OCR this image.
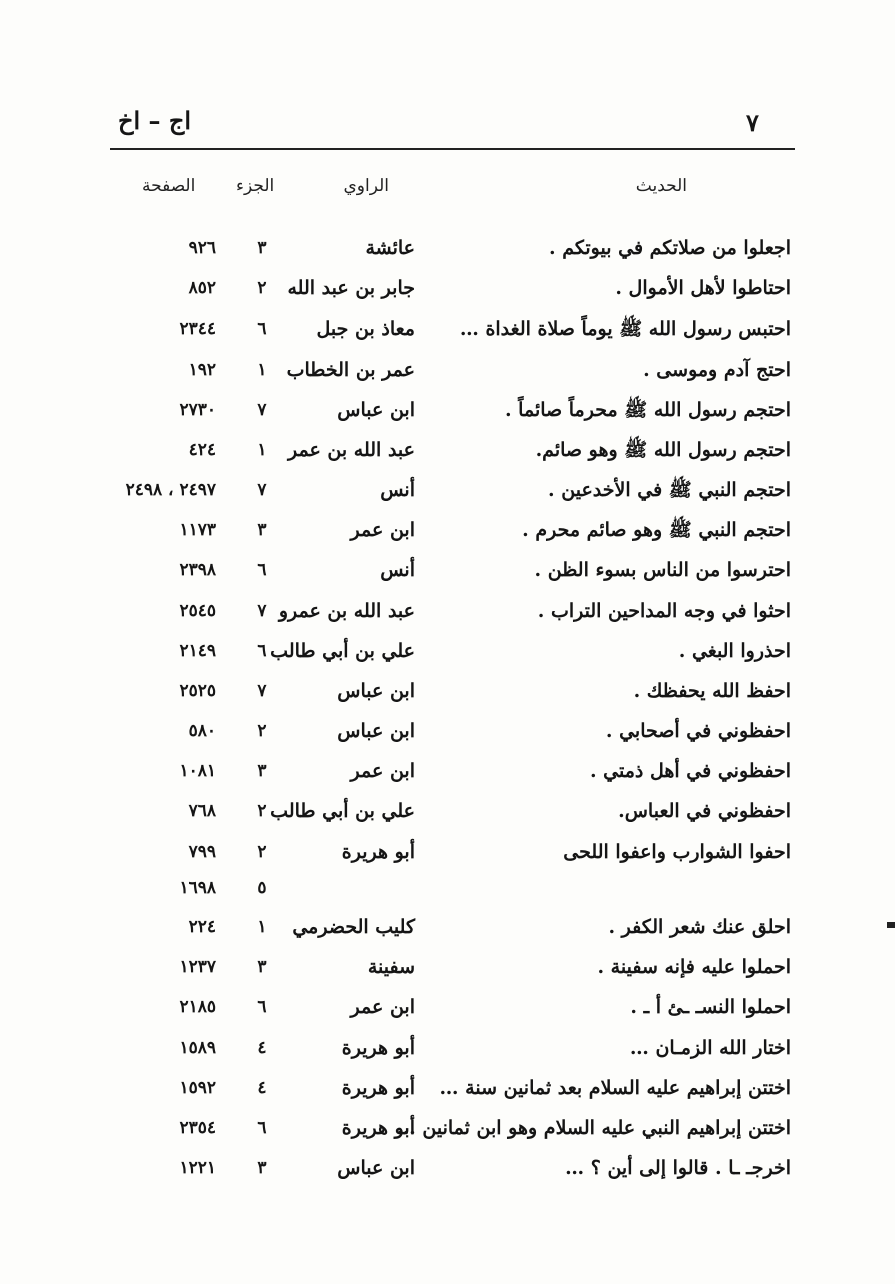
٧
اج – اخ
الحديث
الراوي
الجزء
الصفحة
اجعلوا من صلاتكم في بيوتكم .
عائشة
٣
٩٢٦
احتاطوا لأهل الأموال .
جابر بن عبد الله
٢
٨٥٢
احتبس رسول الله ﷺ يوماً صلاة الغداة …
معاذ بن جبل
٦
٢٣٤٤
احتج آدم وموسى .
عمر بن الخطاب
١
١٩٢
احتجم رسول الله ﷺ محرماً صائماً .
ابن عباس
٧
٢٧٣٠
احتجم رسول الله ﷺ وهو صائم.
عبد الله بن عمر
١
٤٢٤
احتجم النبي ﷺ في الأخدعين .
أنس
٧
٢٤٩٧ ، ٢٤٩٨
احتجم النبي ﷺ وهو صائم محرم .
ابن عمر
٣
١١٧٣
احترسوا من الناس بسوء الظن .
أنس
٦
٢٣٩٨
احثوا في وجه المداحين التراب .
عبد الله بن عمرو
٧
٢٥٤٥
احذروا البغي .
علي بن أبي طالب
٦
٢١٤٩
احفظ الله يحفظك .
ابن عباس
٧
٢٥٢٥
احفظوني في أصحابي .
ابن عباس
٢
٥٨٠
احفظوني في أهل ذمتي .
ابن عمر
٣
١٠٨١
احفظوني في العباس.
علي بن أبي طالب
٢
٧٦٨
احفوا الشوارب واعفوا اللحى
أبو هريرة
٢
٧٩٩
٥
١٦٩٨
احلق عنك شعر الكفر .
كليب الحضرمي
١
٢٢٤
احملوا عليه فإنه سفينة .
سفينة
٣
١٢٣٧
احملوا النسـ ـئ أ ـ .
ابن عمر
٦
٢١٨٥
اختار الله الزمـان …
أبو هريرة
٤
١٥٨٩
اختتن إبراهيم عليه السلام بعد ثمانين سنة …
أبو هريرة
٤
١٥٩٢
اختتن إبراهيم النبي عليه السلام وهو ابن ثمانين …
أبو هريرة
٦
٢٣٥٤
اخرجـ ـا . قالوا إلى أين ؟ …
ابن عباس
٣
١٢٢١
